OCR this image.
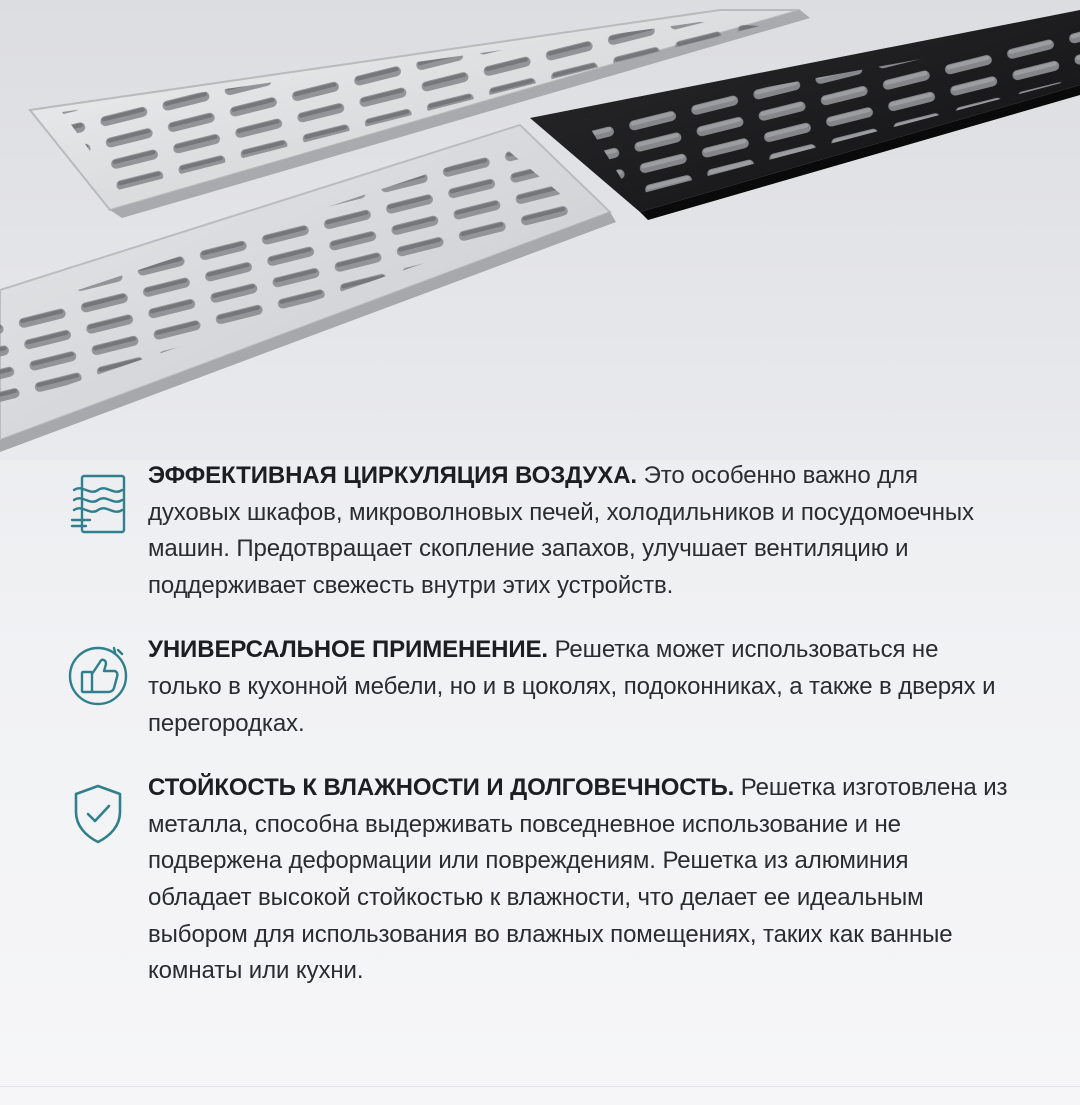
ЭФФЕКТИВНАЯ ЦИРКУЛЯЦИЯ ВОЗДУХА. Это особенно важно для духовых шкафов, микроволновых печей, холодильников и посудомоечных машин. Предотвращает скопление запахов, улучшает вентиляцию и поддерживает свежесть внутри этих устройств.

УНИВЕРСАЛЬНОЕ ПРИМЕНЕНИЕ. Решетка может использоваться не только в кухонной мебели, но и в цоколях, подоконниках, а также в дверях и перегородках.

СТОЙКОСТЬ К ВЛАЖНОСТИ И ДОЛГОВЕЧНОСТЬ. Решетка изготовлена из металла, способна выдерживать повседневное использование и не подвержена деформации или повреждениям. Решетка из алюминия обладает высокой стойкостью к влажности, что делает ее идеальным выбором для использования во влажных помещениях, таких как ванные комнаты или кухни.
